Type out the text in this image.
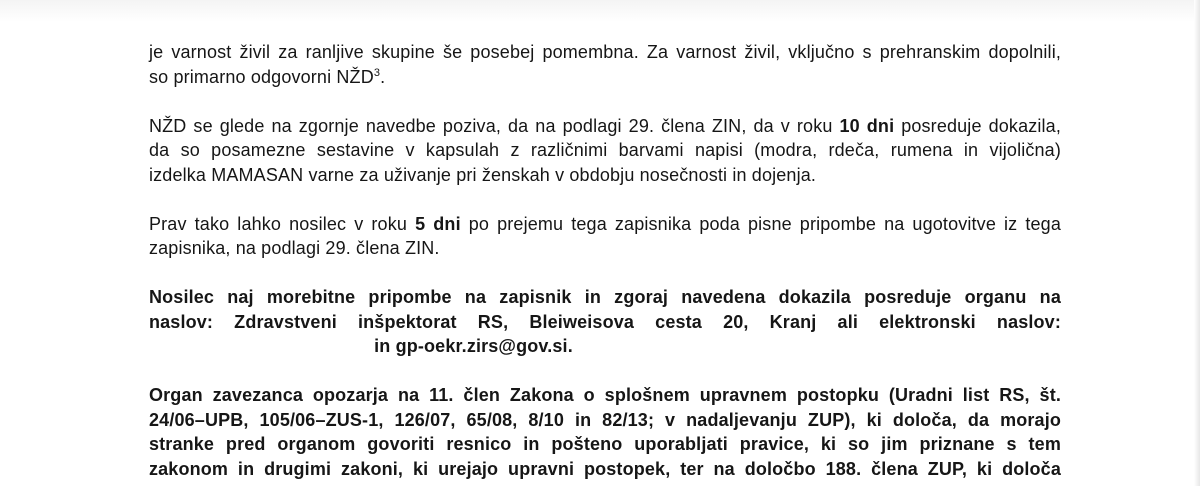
je varnost živil za ranljive skupine še posebej pomembna. Za varnost živil, vključno s prehranskim dopolnili,
so primarno odgovorni NŽD$^3$.
NŽD se glede na zgornje navedbe poziva, da na podlagi 29. člena ZIN, da v roku 10 dni posreduje dokazila,
da so posamezne sestavine v kapsulah z različnimi barvami napisi (modra, rdeča, rumena in vijolična)
izdelka MAMASAN varne za uživanje pri ženskah v obdobju nosečnosti in dojenja.
Prav tako lahko nosilec v roku 5 dni po prejemu tega zapisnika poda pisne pripombe na ugotovitve iz tega
zapisnika, na podlagi 29. člena ZIN.
Nosilec naj morebitne pripombe na zapisnik in zgoraj navedena dokazila posreduje organu na
naslov: Zdravstveni inšpektorat RS, Bleiweisova cesta 20, Kranj ali elektronski naslov:
in gp-oekr.zirs@gov.si.
Organ zavezanca opozarja na 11. člen Zakona o splošnem upravnem postopku (Uradni list RS, št.
24/06–UPB, 105/06–ZUS-1, 126/07, 65/08, 8/10 in 82/13; v nadaljevanju ZUP), ki določa, da morajo
stranke pred organom govoriti resnico in pošteno uporabljati pravice, ki so jim priznane s tem
zakonom in drugimi zakoni, ki urejajo upravni postopek, ter na določbo 188. člena ZUP, ki določa
